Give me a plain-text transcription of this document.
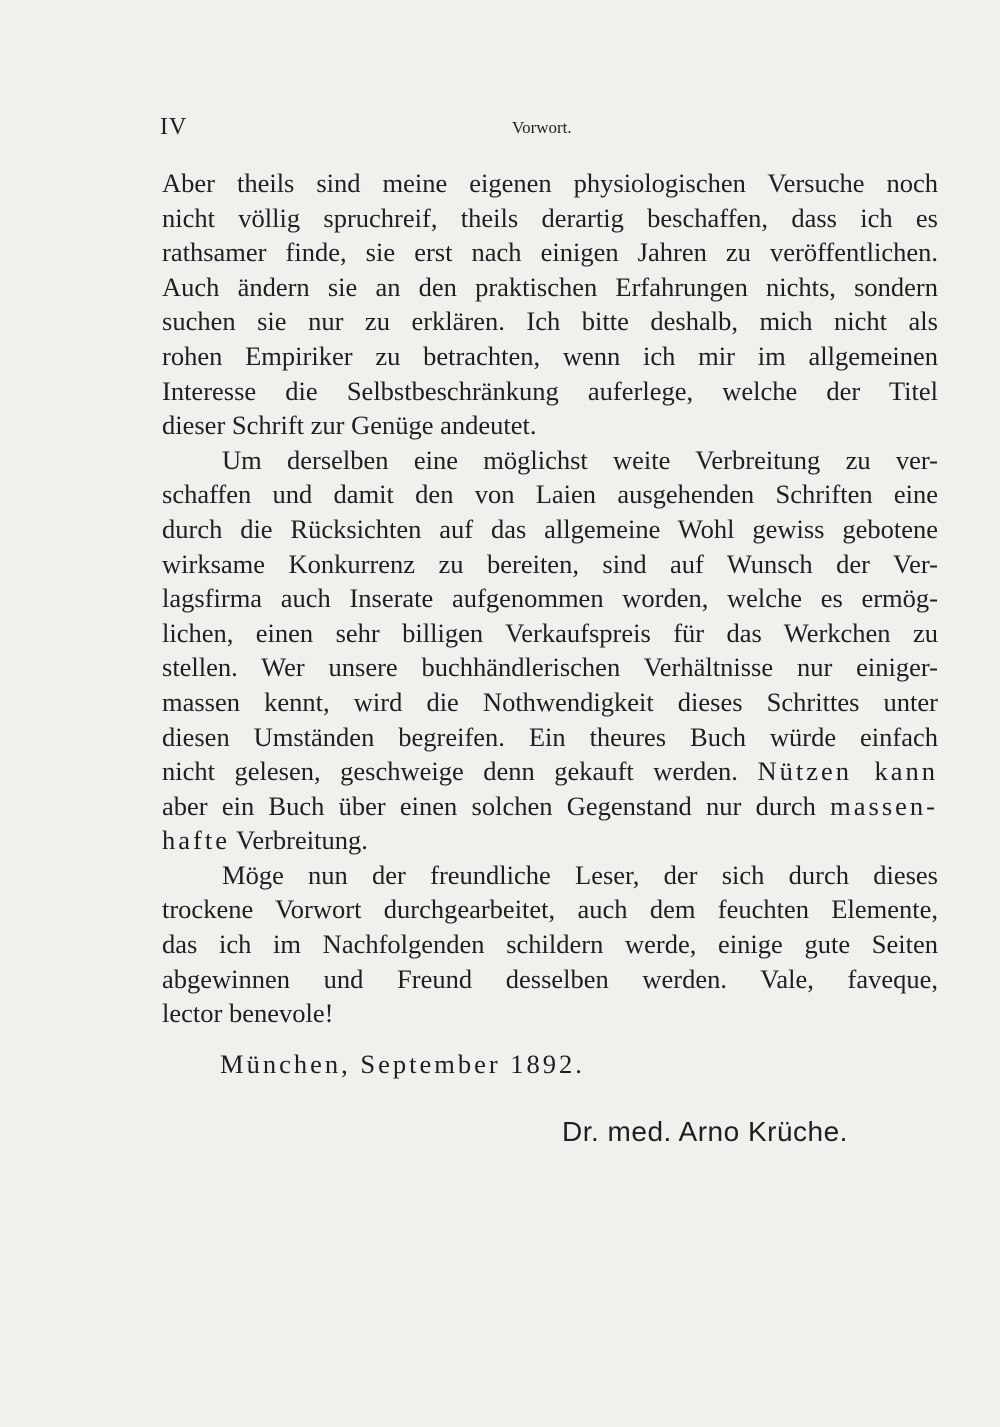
IV	Vorwort.
Aber theils sind meine eigenen physiologischen Versuche noch
nicht völlig spruchreif, theils derartig beschaffen, dass ich es
rathsamer finde, sie erst nach einigen Jahren zu veröffentlichen.
Auch ändern sie an den praktischen Erfahrungen nichts, sondern
suchen sie nur zu erklären. Ich bitte deshalb, mich nicht als
rohen Empiriker zu betrachten, wenn ich mir im allgemeinen
Interesse die Selbstbeschränkung auferlege, welche der Titel
dieser Schrift zur Genüge andeutet.
Um derselben eine möglichst weite Verbreitung zu ver-
schaffen und damit den von Laien ausgehenden Schriften eine
durch die Rücksichten auf das allgemeine Wohl gewiss gebotene
wirksame Konkurrenz zu bereiten, sind auf Wunsch der Ver-
lagsfirma auch Inserate aufgenommen worden, welche es ermög-
lichen, einen sehr billigen Verkaufspreis für das Werkchen zu
stellen. Wer unsere buchhändlerischen Verhältnisse nur einiger-
massen kennt, wird die Nothwendigkeit dieses Schrittes unter
diesen Umständen begreifen. Ein theures Buch würde einfach
nicht gelesen, geschweige denn gekauft werden. Nützen kann
aber ein Buch über einen solchen Gegenstand nur durch massen-
hafte Verbreitung.
Möge nun der freundliche Leser, der sich durch dieses
trockene Vorwort durchgearbeitet, auch dem feuchten Elemente,
das ich im Nachfolgenden schildern werde, einige gute Seiten
abgewinnen und Freund desselben werden. Vale, faveque,
lector benevole!
München, September 1892.
Dr. med. Arno Krüche.
